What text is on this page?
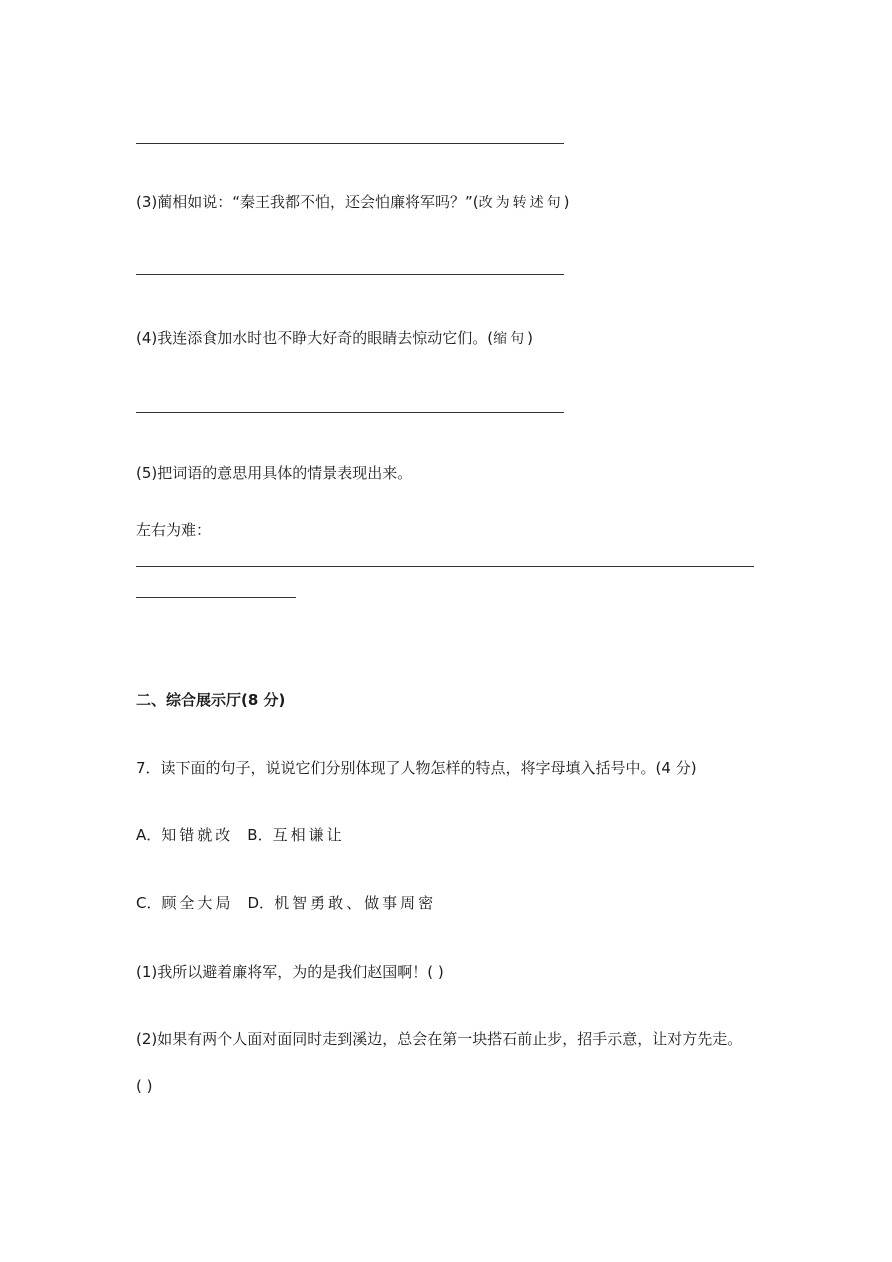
(3)蔺相如说：“秦王我都不怕，还会怕廉将军吗？”(改为转述句)
(4)我连添食加水时也不睁大好奇的眼睛去惊动它们。(缩句)
(5)把词语的意思用具体的情景表现出来。
左右为难：
二、综合展示厅(8 分)
7．读下面的句子，说说它们分别体现了人物怎样的特点，将字母填入括号中。(4 分)
A．知错就改 B．互相谦让
C．顾全大局 D．机智勇敢、做事周密
(1)我所以避着廉将军，为的是我们赵国啊！( )
(2)如果有两个人面对面同时走到溪边，总会在第一块搭石前止步，招手示意，让对方先走。
( )
